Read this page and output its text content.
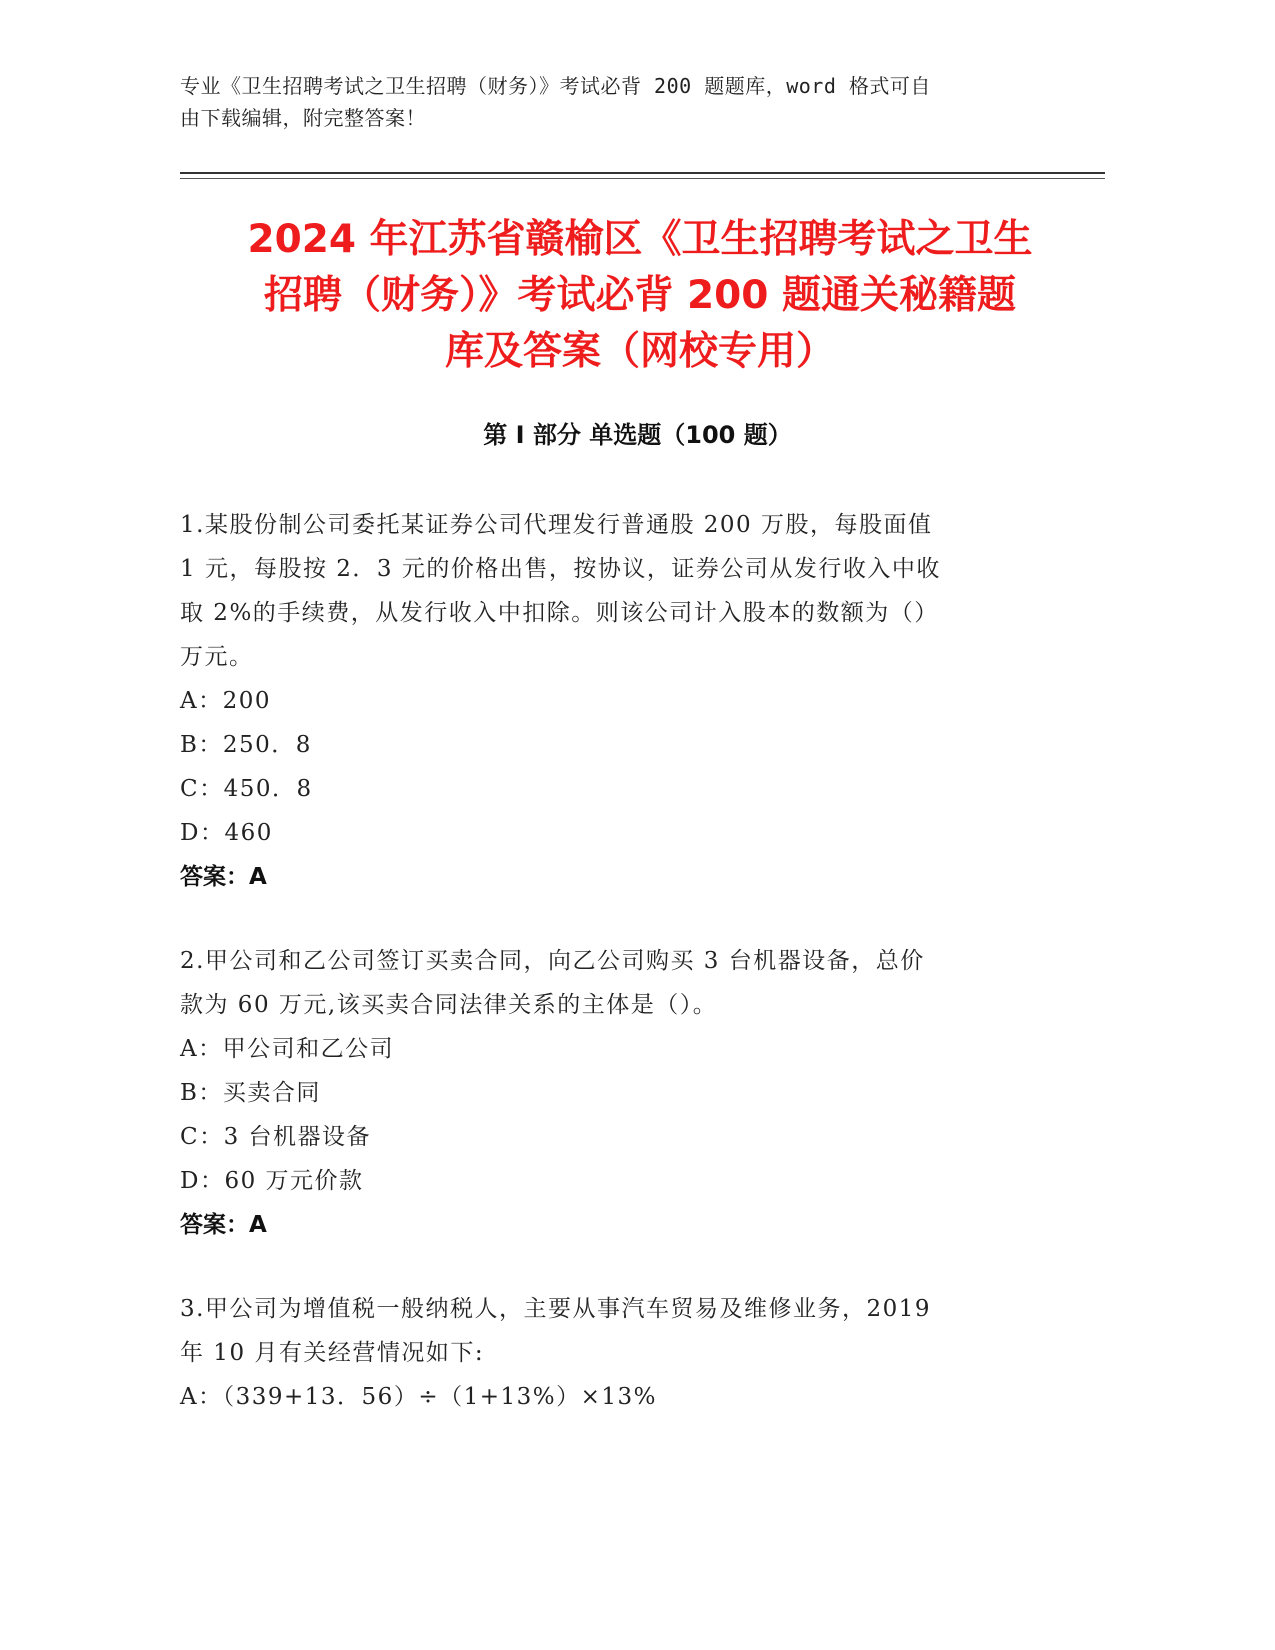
专业《卫生招聘考试之卫生招聘（财务）》考试必背 200 题题库，word 格式可自
由下载编辑，附完整答案！
2024 年江苏省赣榆区《卫生招聘考试之卫生
招聘（财务）》考试必背 200 题通关秘籍题
库及答案（网校专用）
第 I 部分 单选题（100 题）

1.某股份制公司委托某证券公司代理发行普通股 200 万股，每股面值

1 元，每股按 2．3 元的价格出售，按协议，证券公司从发行收入中收

取 2%的手续费，从发行收入中扣除。则该公司计入股本的数额为（）

万元。

A：200

B：250．8

C：450．8

D：460

答案：A

2.甲公司和乙公司签订买卖合同，向乙公司购买 3 台机器设备，总价

款为 60 万元,该买卖合同法律关系的主体是（）。

A：甲公司和乙公司

B：买卖合同

C：3 台机器设备

D：60 万元价款

答案：A

3.甲公司为增值税一般纳税人，主要从事汽车贸易及维修业务，2019

年 10 月有关经营情况如下:

A：（339+13．56）÷（1+13%）×13%
